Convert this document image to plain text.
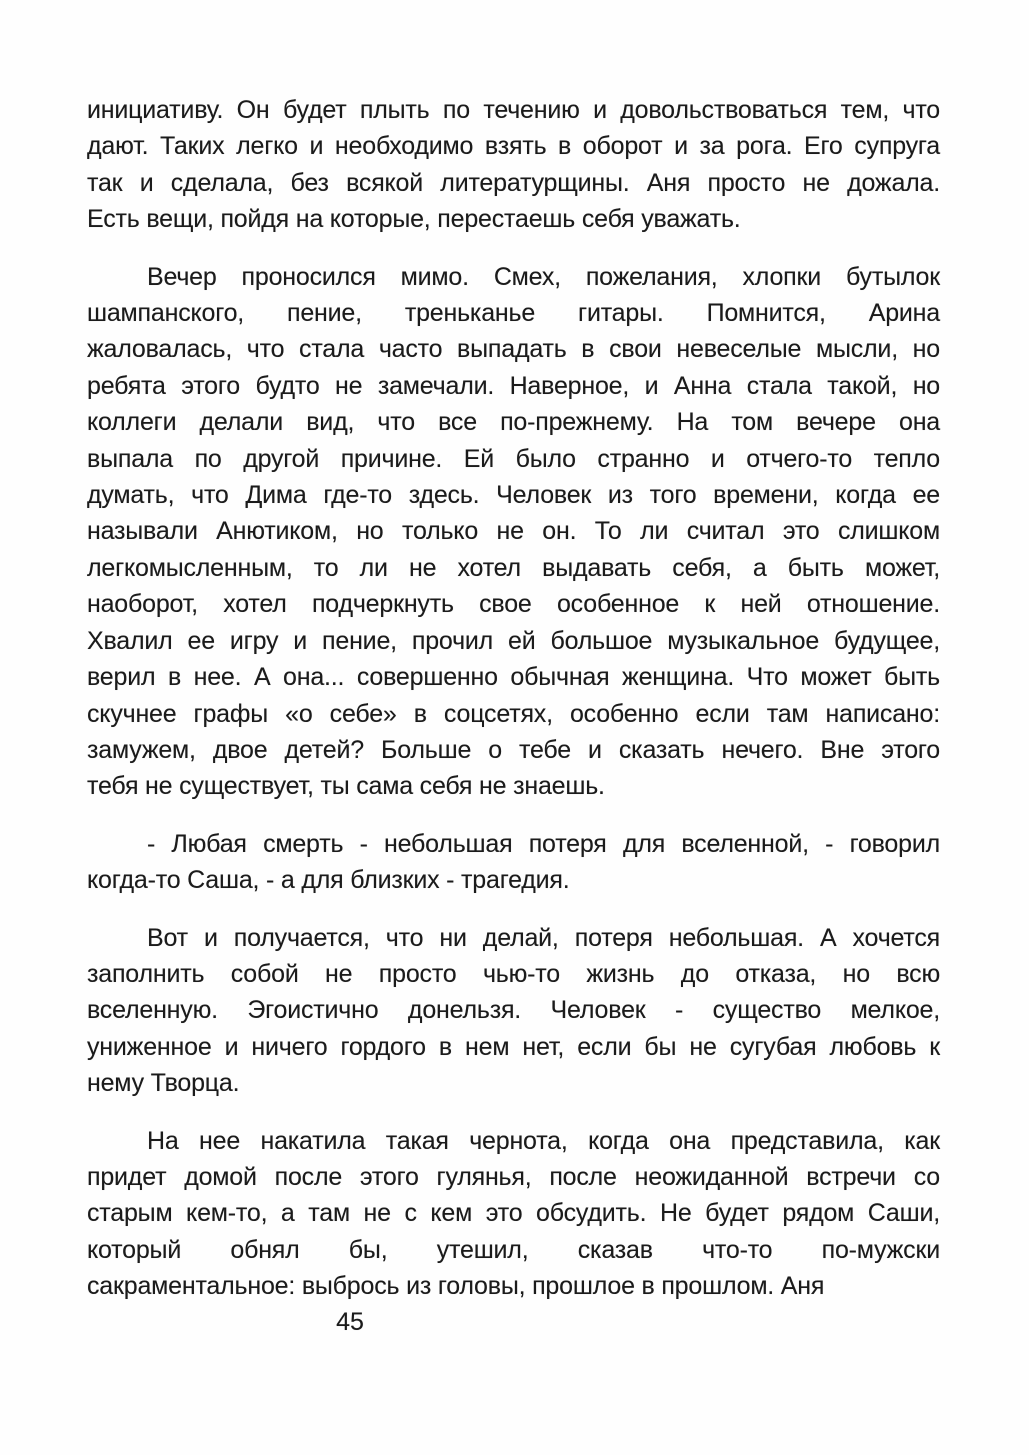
инициативу. Он будет плыть по течению и довольствоваться тем, что
дают. Таких легко и необходимо взять в оборот и за рога. Его супруга
так и сделала, без всякой литературщины. Аня просто не дожала.
Есть вещи, пойдя на которые, перестаешь себя уважать.
Вечер проносился мимо. Смех, пожелания, хлопки бутылок
шампанского, пение, треньканье гитары. Помнится, Арина
жаловалась, что стала часто выпадать в свои невеселые мысли, но
ребята этого будто не замечали. Наверное, и Анна стала такой, но
коллеги делали вид, что все по-прежнему. На том вечере она
выпала по другой причине. Ей было странно и отчего-то тепло
думать, что Дима где-то здесь. Человек из того времени, когда ее
называли Анютиком, но только не он. То ли считал это слишком
легкомысленным, то ли не хотел выдавать себя, а быть может,
наоборот, хотел подчеркнуть свое особенное к ней отношение.
Хвалил ее игру и пение, прочил ей большое музыкальное будущее,
верил в нее. А она... совершенно обычная женщина. Что может быть
скучнее графы «о себе» в соцсетях, особенно если там написано:
замужем, двое детей? Больше о тебе и сказать нечего. Вне этого
тебя не существует, ты сама себя не знаешь.
- Любая смерть - небольшая потеря для вселенной, - говорил
когда-то Саша, - а для близких - трагедия.
Вот и получается, что ни делай, потеря небольшая. А хочется
заполнить собой не просто чью-то жизнь до отказа, но всю
вселенную. Эгоистично донельзя. Человек - существо мелкое,
униженное и ничего гордого в нем нет, если бы не сугубая любовь к
нему Творца.
На нее накатила такая чернота, когда она представила, как
придет домой после этого гулянья, после неожиданной встречи со
старым кем-то, а там не с кем это обсудить. Не будет рядом Саши,
который обнял бы, утешил, сказав что-то по-мужски
сакраментальное: выбрось из головы, прошлое в прошлом. Аня
45
